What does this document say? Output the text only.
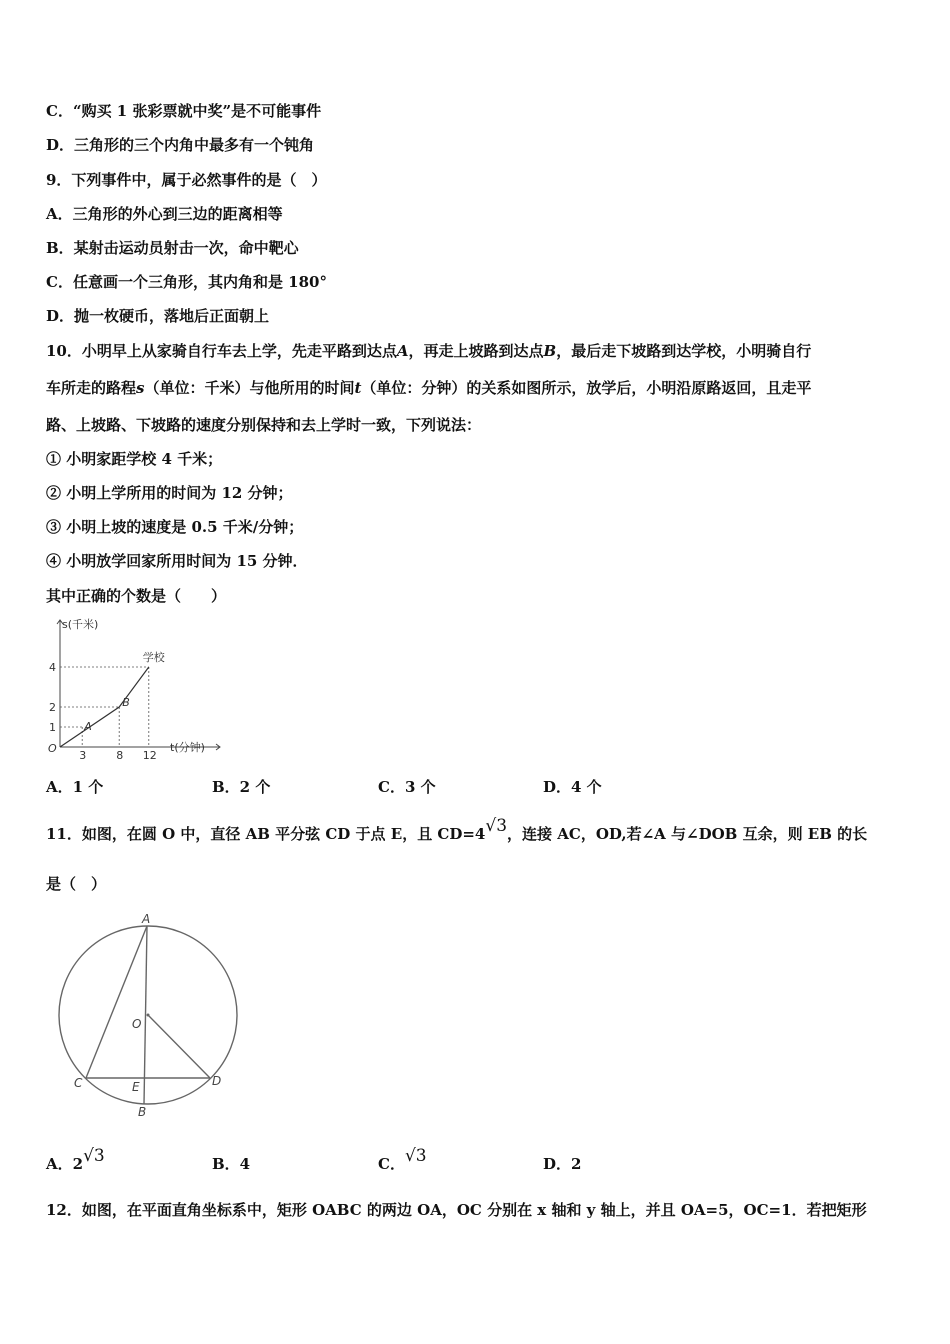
C．“购买 1 张彩票就中奖”是不可能事件
D．三角形的三个内角中最多有一个钝角
9．下列事件中，属于必然事件的是（　）
A．三角形的外心到三边的距离相等
B．某射击运动员射击一次，命中靶心
C．任意画一个三角形，其内角和是 180°
D．抛一枚硬币，落地后正面朝上
10．小明早上从家骑自行车去上学，先走平路到达点A，再走上坡路到达点B，最后走下坡路到达学校，小明骑自行
车所走的路程s（单位：千米）与他所用的时间t（单位：分钟）的关系如图所示，放学后，小明沿原路返回，且走平
路、上坡路、下坡路的速度分别保持和去上学时一致，下列说法：
① 小明家距学校 4 千米；
② 小明上学所用的时间为 12 分钟；
③ 小明上坡的速度是 0.5 千米/分钟；
④ 小明放学回家所用时间为 15 分钟．
其中正确的个数是（　　）
A
B
学校
3	8 12
1
2
4
s(千米)
t(分钟)
O
A．1 个	B．2 个	C．3 个	D．4 个
11．如图，在圆 O 中，直径 AB 平分弦 CD 于点 E，且 CD=4√3，连接 AC，OD,若∠A 与∠DOB 互余，则 EB 的长
是（　）
A
O
C	E	D
B
A．2√3	B．4	C．√3	D．2
12．如图，在平面直角坐标系中，矩形 OABC 的两边 OA，OC 分别在 x 轴和 y 轴上，并且 OA=5，OC=1．若把矩形
